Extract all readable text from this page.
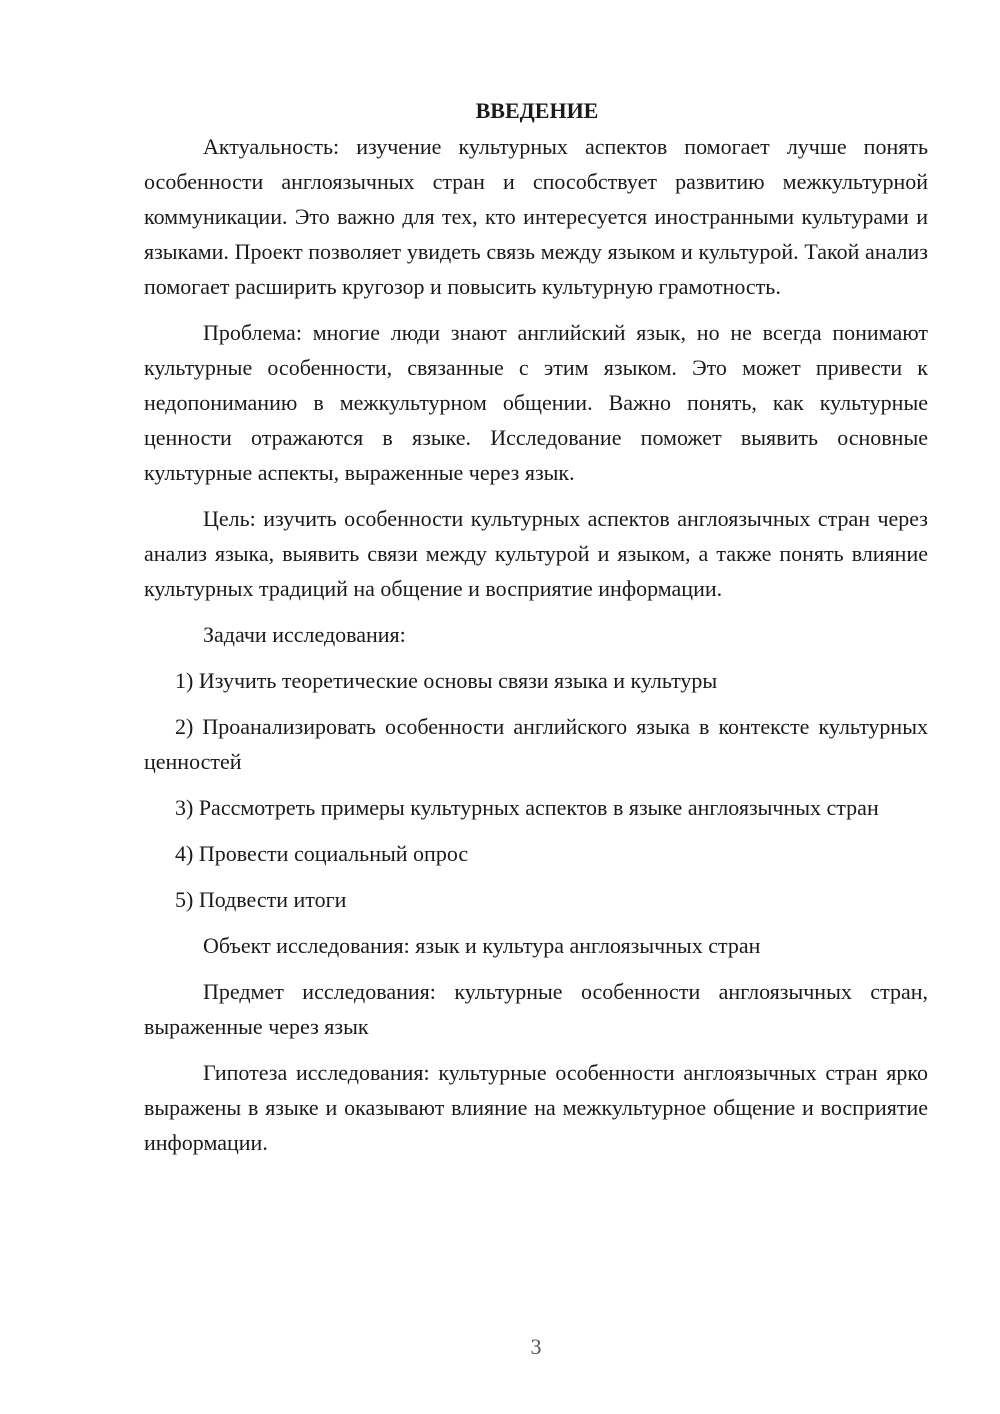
ВВЕДЕНИЕ

Актуальность: изучение культурных аспектов помогает лучше понять особенности англоязычных стран и способствует развитию межкультурной коммуникации. Это важно для тех, кто интересуется иностранными культурами и языками. Проект позволяет увидеть связь между языком и культурой. Такой анализ помогает расширить кругозор и повысить культурную грамотность.

Проблема: многие люди знают английский язык, но не всегда понимают культурные особенности, связанные с этим языком. Это может привести к недопониманию в межкультурном общении. Важно понять, как культурные ценности отражаются в языке. Исследование поможет выявить основные культурные аспекты, выраженные через язык.

Цель: изучить особенности культурных аспектов англоязычных стран через анализ языка, выявить связи между культурой и языком, а также понять влияние культурных традиций на общение и восприятие информации.

Задачи исследования:

1) Изучить теоретические основы связи языка и культуры

2) Проанализировать особенности английского языка в контексте культурных ценностей

3) Рассмотреть примеры культурных аспектов в языке англоязычных стран

4) Провести социальный опрос

5) Подвести итоги

Объект исследования: язык и культура англоязычных стран

Предмет исследования: культурные особенности англоязычных стран, выраженные через язык

Гипотеза исследования: культурные особенности англоязычных стран ярко выражены в языке и оказывают влияние на межкультурное общение и восприятие информации.

3
